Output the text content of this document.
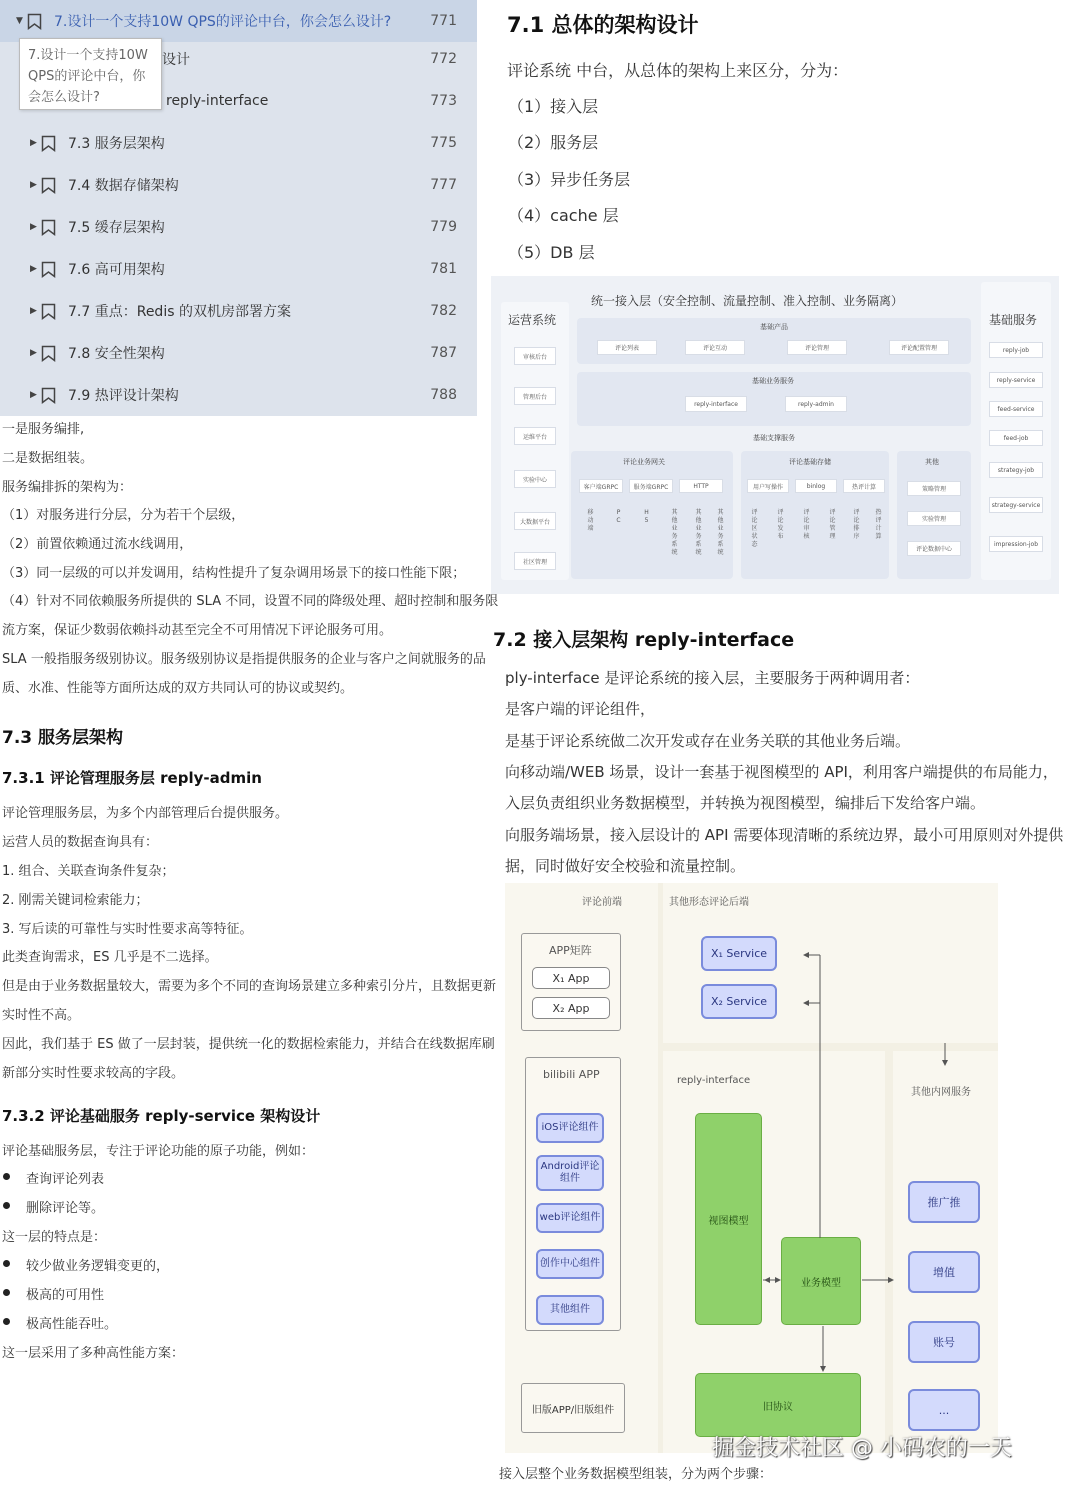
▼ 7.设计一个支持10W QPS的评论中台，你会怎么设计?	771
设计	772
reply-interface	773
▶ 7.3 服务层架构	775
▶ 7.4 数据存储架构	777
▶ 7.5 缓存层架构	779
▶ 7.6 高可用架构	781
▶ 7.7 重点：Redis 的双机房部署方案	782
▶ 7.8 安全性架构	787
▶ 7.9 热评设计架构	788
7.设计一个支持10W
QPS的评论中台，你
会怎么设计?
一是服务编排,
二是数据组装。
服务编排拆的架构为：
（1）对服务进行分层，分为若干个层级，
（2）前置依赖通过流水线调用，
（3）同一层级的可以并发调用，结构性提升了复杂调用场景下的接口性能下限；
（4）针对不同依赖服务所提供的 SLA 不同，设置不同的降级处理、超时控制和服务限
流方案，保证少数弱依赖抖动甚至完全不可用情况下评论服务可用。
SLA 一般指服务级别协议。服务级别协议是指提供服务的企业与客户之间就服务的品
质、水准、性能等方面所达成的双方共同认可的协议或契约。
7.3 服务层架构
7.3.1 评论管理服务层 reply-admin
评论管理服务层，为多个内部管理后台提供服务。
运营人员的数据查询具有：
1. 组合、关联查询条件复杂；
2. 刚需关键词检索能力；
3. 写后读的可靠性与实时性要求高等特征。
此类查询需求，ES 几乎是不二选择。
但是由于业务数据量较大，需要为多个不同的查询场景建立多种索引分片，且数据更新
实时性不高。
因此，我们基于 ES 做了一层封装，提供统一化的数据检索能力，并结合在线数据库刷
新部分实时性要求较高的字段。
7.3.2 评论基础服务 reply-service 架构设计
评论基础服务层，专注于评论功能的原子功能，例如：
查询评论列表
删除评论等。
这一层的特点是：
较少做业务逻辑变更的，
极高的可用性
极高性能吞吐。
这一层采用了多种高性能方案：
7.1 总体的架构设计
评论系统 中台，从总体的架构上来区分，分为：
（1）接入层
（2）服务层
（3）异步任务层
（4）cache 层
（5）DB 层
统一接入层（安全控制、流量控制、准入控制、业务隔离）
运营系统
审核后台
管理后台
运维平台
实验中心
大数据平台
社区管理
基础服务
reply-job
reply-service
feed-service
feed-job
strategy-job
strategy-service
impression-job
基础产品
评论列表	评论互动	评论管理	评论配置管理
基础业务服务
reply-interface	reply-admin
基础支撑服务
评论业务网关
客户端GRPC	服务端GRPC	HTTP
移动端
PC
H5
其他业务系统
其他业务系统
其他业务系统
评论基础存储
用户写操作	binlog	热评计算
评论区状态
评论发布
评论审核
评论管理
评论排序
热评计算
其他
策略管理
实验管理
评论数据中心
7.2 接入层架构 reply-interface
ply-interface 是评论系统的接入层，主要服务于两种调用者：
是客户端的评论组件，
是基于评论系统做二次开发或存在业务关联的其他业务后端。
向移动端/WEB 场景，设计一套基于视图模型的 API，利用客户端提供的布局能力，
入层负责组织业务数据模型，并转换为视图模型，编排后下发给客户端。
向服务端场景，接入层设计的 API 需要体现清晰的系统边界，最小可用原则对外提供
据，同时做好安全校验和流量控制。
评论前端	其他形态评论后端
APP矩阵
X₁ App
X₂ App
bilibili APP
iOS评论组件
Android评论组件
web评论组件
创作中心组件
其他组件
旧版APP/旧版组件
X₁ Service
X₂ Service
reply-interface
视图模型
业务模型
旧协议
其他内网服务
推广推
增值
账号
...
接入层整个业务数据模型组装，分为两个步骤：
掘金技术社区 @ 小码农的一天
